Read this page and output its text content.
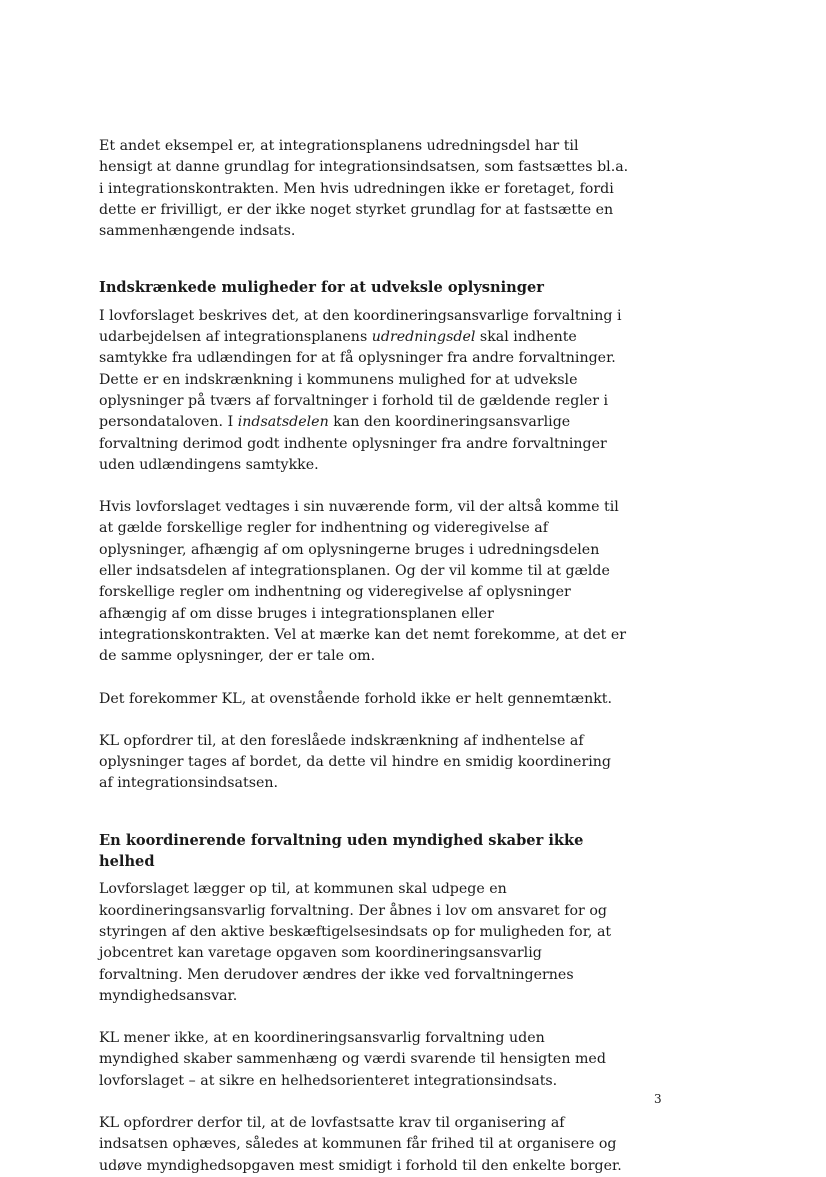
Et andet eksempel er, at integrationsplanens udredningsdel har til hensigt at danne grundlag for integrationsindsatsen, som fastsættes bl.a. i integrationskontrakten. Men hvis udredningen ikke er foretaget, fordi dette er frivilligt, er der ikke noget styrket grundlag for at fastsætte en sammenhængende indsats.

Indskrænkede muligheder for at udveksle oplysninger

I lovforslaget beskrives det, at den koordineringsansvarlige forvaltning i udarbejdelsen af integrationsplanens udredningsdel skal indhente samtykke fra udlændingen for at få oplysninger fra andre forvaltninger. Dette er en indskrænkning i kommunens mulighed for at udveksle oplysninger på tværs af forvaltninger i forhold til de gældende regler i persondataloven. I indsatsdelen kan den koordineringsansvarlige forvaltning derimod godt indhente oplysninger fra andre forvaltninger uden udlændingens samtykke.

Hvis lovforslaget vedtages i sin nuværende form, vil der altså komme til at gælde forskellige regler for indhentning og videregivelse af oplysninger, afhængig af om oplysningerne bruges i udredningsdelen eller indsatsdelen af integrationsplanen. Og der vil komme til at gælde forskellige regler om indhentning og videregivelse af oplysninger afhængig af om disse bruges i integrationsplanen eller integrationskontrakten. Vel at mærke kan det nemt forekomme, at det er de samme oplysninger, der er tale om.

Det forekommer KL, at ovenstående forhold ikke er helt gennemtænkt.

KL opfordrer til, at den foreslåede indskrænkning af indhentelse af oplysninger tages af bordet, da dette vil hindre en smidig koordinering af integrationsindsatsen.

En koordinerende forvaltning uden myndighed skaber ikke helhed

Lovforslaget lægger op til, at kommunen skal udpege en koordineringsansvarlig forvaltning. Der åbnes i lov om ansvaret for og styringen af den aktive beskæftigelsesindsats op for muligheden for, at jobcentret kan varetage opgaven som koordineringsansvarlig forvaltning. Men derudover ændres der ikke ved forvaltningernes myndighedsansvar.

KL mener ikke, at en koordineringsansvarlig forvaltning uden myndighed skaber sammenhæng og værdi svarende til hensigten med lovforslaget – at sikre en helhedsorienteret integrationsindsats.

KL opfordrer derfor til, at de lovfastsatte krav til organisering af indsatsen ophæves, således at kommunen får frihed til at organisere og udøve myndighedsopgaven mest smidigt i forhold til den enkelte borger.

3
